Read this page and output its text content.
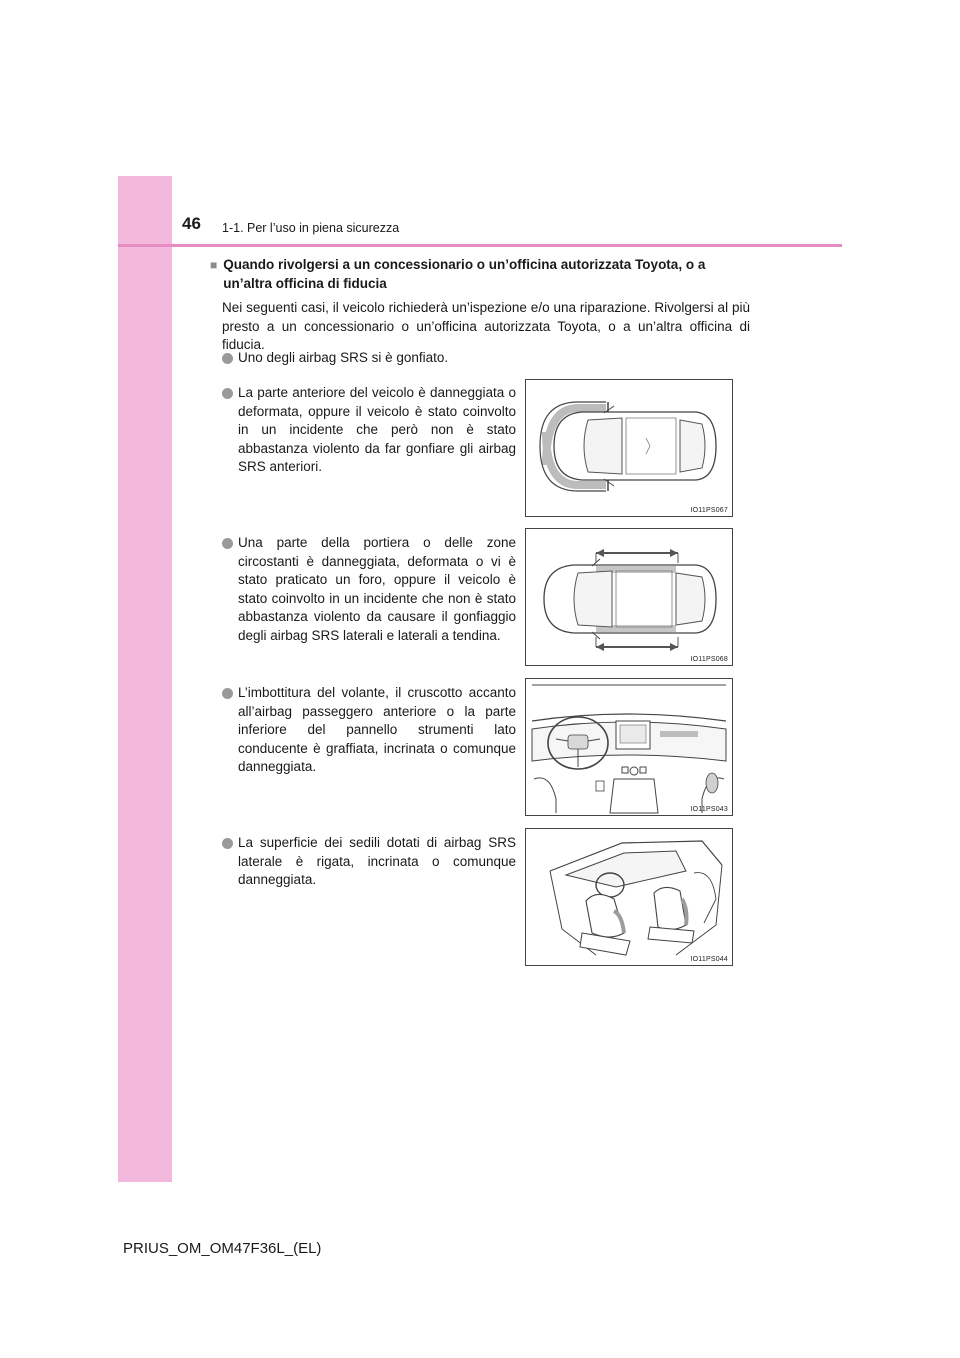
46 1-1. Per l’uso in piena sicurezza
■ Quando rivolgersi a un concessionario o un’officina autorizzata Toyota, o a un’altra officina di fiducia

Nei seguenti casi, il veicolo richiederà un’ispezione e/o una riparazione. Rivolgersi al più presto a un concessionario o un’officina autorizzata Toyota, o a un’altra officina di fiducia.

Uno degli airbag SRS si è gonfiato.
La parte anteriore del veicolo è danneggiata o deformata, oppure il veicolo è stato coinvolto in un incidente che però non è stato abbastanza violento da far gonfiare gli airbag SRS anteriori.
IO11PS067
Una parte della portiera o delle zone circostanti è danneggiata, deformata o vi è stato praticato un foro, oppure il veicolo è stato coinvolto in un incidente che non è stato abbastanza violento da causare il gonfiaggio degli airbag SRS laterali e laterali a tendina.
IO11PS068
L’imbottitura del volante, il cruscotto accanto all’airbag passeggero anteriore o la parte inferiore del pannello strumenti lato conducente è graffiata, incrinata o comunque danneggiata.
IO11PS043
La superficie dei sedili dotati di airbag SRS laterale è rigata, incrinata o comunque danneggiata.
IO11PS044
PRIUS_OM_OM47F36L_(EL)
